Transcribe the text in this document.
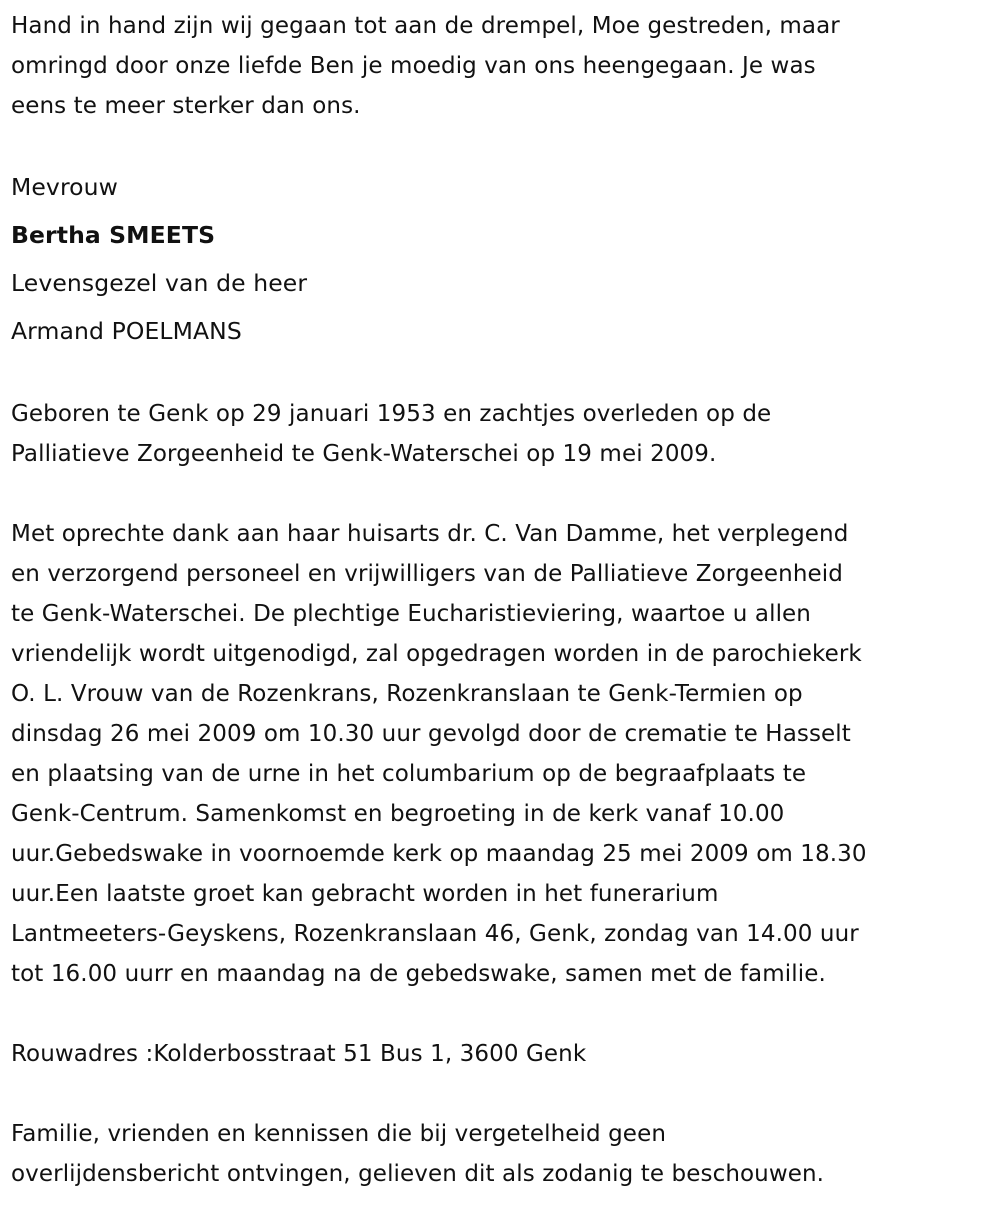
Hand in hand zijn wij gegaan tot aan de drempel, Moe gestreden, maar
omringd door onze liefde Ben je moedig van ons heengegaan. Je was
eens te meer sterker dan ons.

Mevrouw

Bertha SMEETS

Levensgezel van de heer

Armand POELMANS

Geboren te Genk op 29 januari 1953 en zachtjes overleden op de
Palliatieve Zorgeenheid te Genk-Waterschei op 19 mei 2009.

Met oprechte dank aan haar huisarts dr. C. Van Damme, het verplegend
en verzorgend personeel en vrijwilligers van de Palliatieve Zorgeenheid
te Genk-Waterschei. De plechtige Eucharistieviering, waartoe u allen
vriendelijk wordt uitgenodigd, zal opgedragen worden in de parochiekerk
O. L. Vrouw van de Rozenkrans, Rozenkranslaan te Genk-Termien op
dinsdag 26 mei 2009 om 10.30 uur gevolgd door de crematie te Hasselt
en plaatsing van de urne in het columbarium op de begraafplaats te
Genk-Centrum. Samenkomst en begroeting in de kerk vanaf 10.00
uur.Gebedswake in voornoemde kerk op maandag 25 mei 2009 om 18.30
uur.Een laatste groet kan gebracht worden in het funerarium
Lantmeeters-Geyskens, Rozenkranslaan 46, Genk, zondag van 14.00 uur
tot 16.00 uurr en maandag na de gebedswake, samen met de familie.

Rouwadres :Kolderbosstraat 51 Bus 1, 3600 Genk

Familie, vrienden en kennissen die bij vergetelheid geen
overlijdensbericht ontvingen, gelieven dit als zodanig te beschouwen.
